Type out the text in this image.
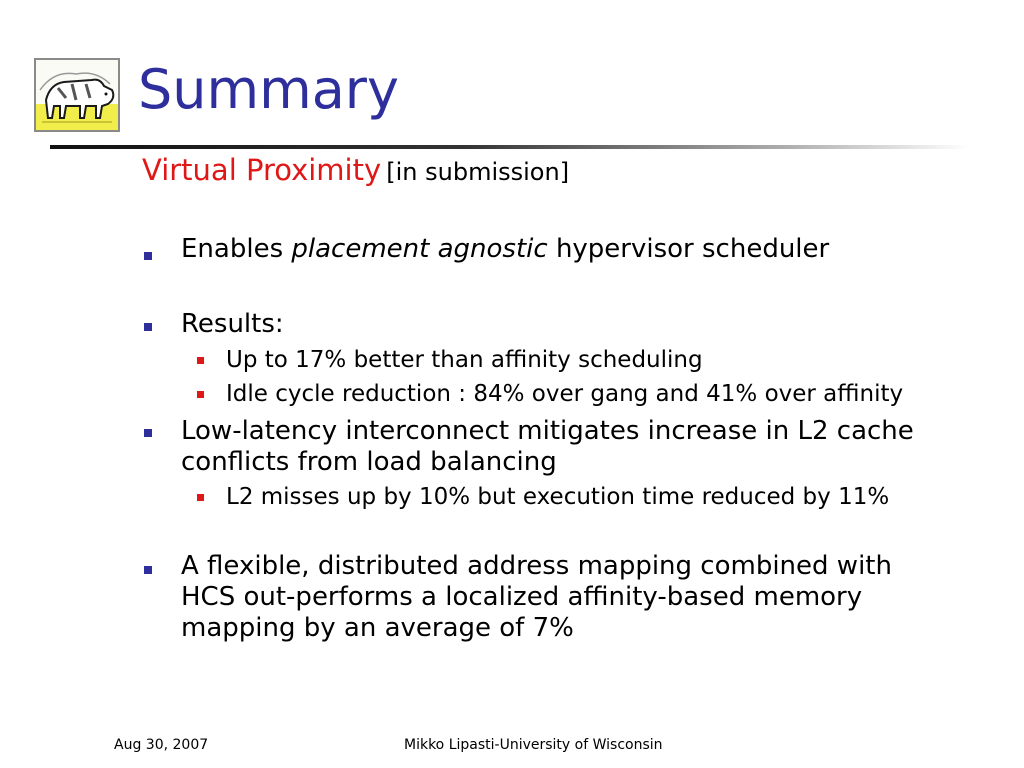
Summary
Virtual Proximity [in submission]
Enables placement agnostic hypervisor scheduler
Results:
Up to 17% better than affinity scheduling
Idle cycle reduction : 84% over gang and 41% over affinity
Low-latency interconnect mitigates increase in L2 cache
conflicts from load balancing
L2 misses up by 10% but execution time reduced by 11%
A flexible, distributed address mapping combined with
HCS out-performs a localized affinity-based memory
mapping by an average of 7%
Aug 30, 2007	Mikko Lipasti-University of Wisconsin
